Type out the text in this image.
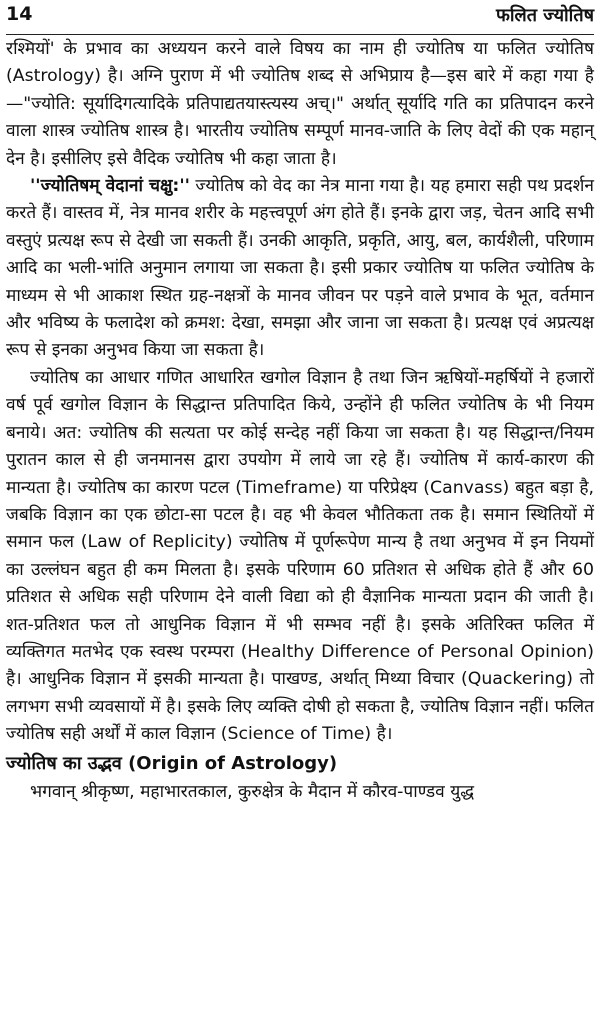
14	फलित ज्योतिष

रश्मियों' के प्रभाव का अध्ययन करने वाले विषय का नाम ही ज्योतिष या फलित ज्योतिष (Astrology) है। अग्नि पुराण में भी ज्योतिष शब्द से अभिप्राय है—इस बारे में कहा गया है—"ज्योति: सूर्यादिगत्यादिके प्रतिपाद्यतयास्त्यस्य अच्।" अर्थात् सूर्यादि गति का प्रतिपादन करने वाला शास्त्र ज्योतिष शास्त्र है। भारतीय ज्योतिष सम्पूर्ण मानव-जाति के लिए वेदों की एक महान् देन है। इसीलिए इसे वैदिक ज्योतिष भी कहा जाता है।

''ज्योतिषम् वेदानां चक्षु:'' ज्योतिष को वेद का नेत्र माना गया है। यह हमारा सही पथ प्रदर्शन करते हैं। वास्तव में, नेत्र मानव शरीर के महत्त्वपूर्ण अंग होते हैं। इनके द्वारा जड़, चेतन आदि सभी वस्तुएं प्रत्यक्ष रूप से देखी जा सकती हैं। उनकी आकृति, प्रकृति, आयु, बल, कार्यशैली, परिणाम आदि का भली-भांति अनुमान लगाया जा सकता है। इसी प्रकार ज्योतिष या फलित ज्योतिष के माध्यम से भी आकाश स्थित ग्रह-नक्षत्रों के मानव जीवन पर पड़ने वाले प्रभाव के भूत, वर्तमान और भविष्य के फलादेश को क्रमश: देखा, समझा और जाना जा सकता है। प्रत्यक्ष एवं अप्रत्यक्ष रूप से इनका अनुभव किया जा सकता है।

ज्योतिष का आधार गणित आधारित खगोल विज्ञान है तथा जिन ऋषियों-महर्षियों ने हजारों वर्ष पूर्व खगोल विज्ञान के सिद्धान्त प्रतिपादित किये, उन्होंने ही फलित ज्योतिष के भी नियम बनाये। अत: ज्योतिष की सत्यता पर कोई सन्देह नहीं किया जा सकता है। यह सिद्धान्त/नियम पुरातन काल से ही जनमानस द्वारा उपयोग में लाये जा रहे हैं। ज्योतिष में कार्य-कारण की मान्यता है। ज्योतिष का कारण पटल (Timeframe) या परिप्रेक्ष्य (Canvass) बहुत बड़ा है, जबकि विज्ञान का एक छोटा-सा पटल है। वह भी केवल भौतिकता तक है। समान स्थितियों में समान फल (Law of Replicity) ज्योतिष में पूर्णरूपेण मान्य है तथा अनुभव में इन नियमों का उल्लंघन बहुत ही कम मिलता है। इसके परिणाम 60 प्रतिशत से अधिक होते हैं और 60 प्रतिशत से अधिक सही परिणाम देने वाली विद्या को ही वैज्ञानिक मान्यता प्रदान की जाती है। शत-प्रतिशत फल तो आधुनिक विज्ञान में भी सम्भव नहीं है। इसके अतिरिक्त फलित में व्यक्तिगत मतभेद एक स्वस्थ परम्परा (Healthy Difference of Personal Opinion) है। आधुनिक विज्ञान में इसकी मान्यता है। पाखण्ड, अर्थात् मिथ्या विचार (Quackering) तो लगभग सभी व्यवसायों में है। इसके लिए व्यक्ति दोषी हो सकता है, ज्योतिष विज्ञान नहीं। फलित ज्योतिष सही अर्थों में काल विज्ञान (Science of Time) है।

ज्योतिष का उद्भव (Origin of Astrology)

भगवान् श्रीकृष्ण, महाभारतकाल, कुरुक्षेत्र के मैदान में कौरव-पाण्डव युद्ध
